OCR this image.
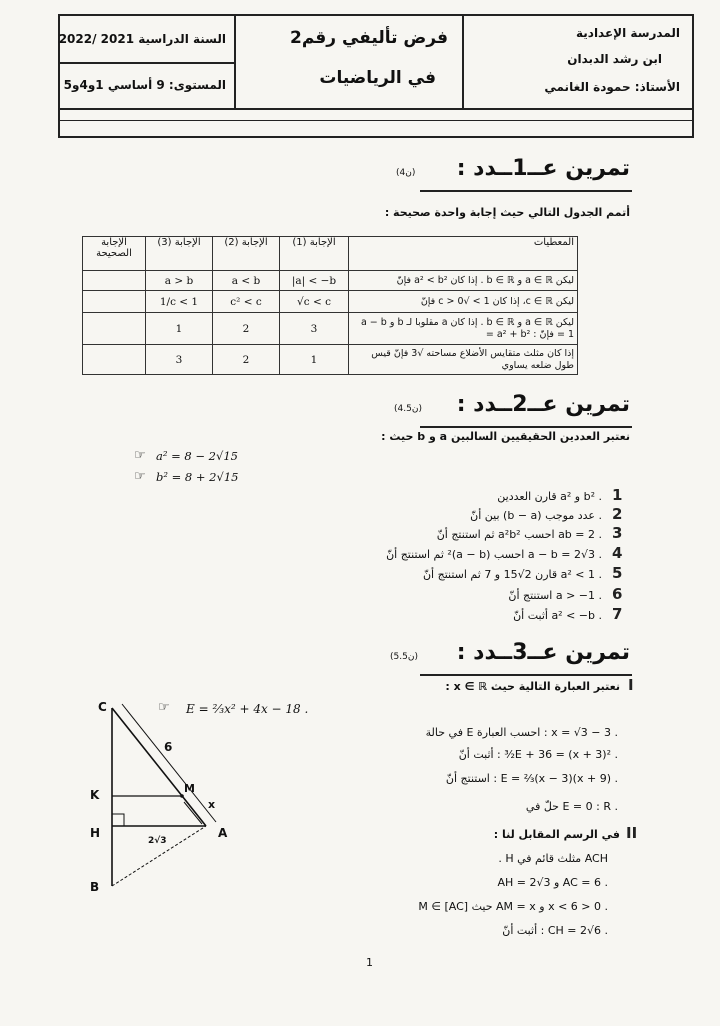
المدرسة الإعدادية
ابن رشد الدبدان
الأستاذ: حمودة الغانمي
فرض تأليفي رقم2
في الرياضيات
السنة الدراسية 2021 /2022
المستوى: 9 أساسي 1و4و5
تمرين عــ1ــدد :
(4ن)
أتمم الجدول التالي حيث إجابة واحدة صحيحة :
الإجابة الصحيحة	الإجابة (3)	الإجابة (2)	الإجابة (1)	المعطيات
	a > b	a < b	|a| < −b	ليكن a ∈ ℝ و b ∈ ℝ . إذا كان a² < b² فإنّ
	1/c < 1	c² < c	√c < c	ليكن c ∈ ℝ، إذا كان 1 > √c > 0 فإنّ
	1	2	3	ليكن a ∈ ℝ و b ∈ ℝ . إذا كان a مقلوبا لـ b و a − b = 1 فإنّ : a² + b² =
	3	2	1	إذا كان مثلث متقايس الأضلاع مساحته √3 فإنّ قيس طول ضلعه يساوي
تمرين عــ2ــدد :
(4.5ن)
نعتبر العددين الحقيقيين السالبين a و b حيث :
☞ a² = 8 − 2√15
☞ b² = 8 + 2√15
. b² و a² قارن العددين 1
. عدد موجب (b − a) بين أنّ 2
. ab = 2 احسب a²b² ثم استنتج أنّ 3
. a − b = 2√3 احسب (a − b)² ثم استنتج أنّ 4
. a² < 1 قارن 2√15 و 7 ثم استنتج أنّ 5
. a > −1 استنتج أنّ 6
. a² < −b أثبت أنّ 7
تمرين عــ3ــدد :
(5.5ن)
I
نعتبر العبارة التالية حيث x ∈ ℝ :
☞ E = ⅔x² + 4x − 18 .
. x = √3 − 3 : احسب العبارة E في حالة
. ³⁄₂E + 36 = (x + 3)² : أثبت أنّ
. E = ⅔(x − 3)(x + 9) : استنتج أنّ
. E = 0 : R حلّ في
II
في الرسم المقابل لنا :
ACH مثلث قائم في H .
. AC = 6 و AH = 2√3
. 0 < x < 6 و AM = x حيث M ∈ [AC]
. CH = 2√6 : أثبت أنّ
C
6
K	M
x
H	A
2√3
B
1
